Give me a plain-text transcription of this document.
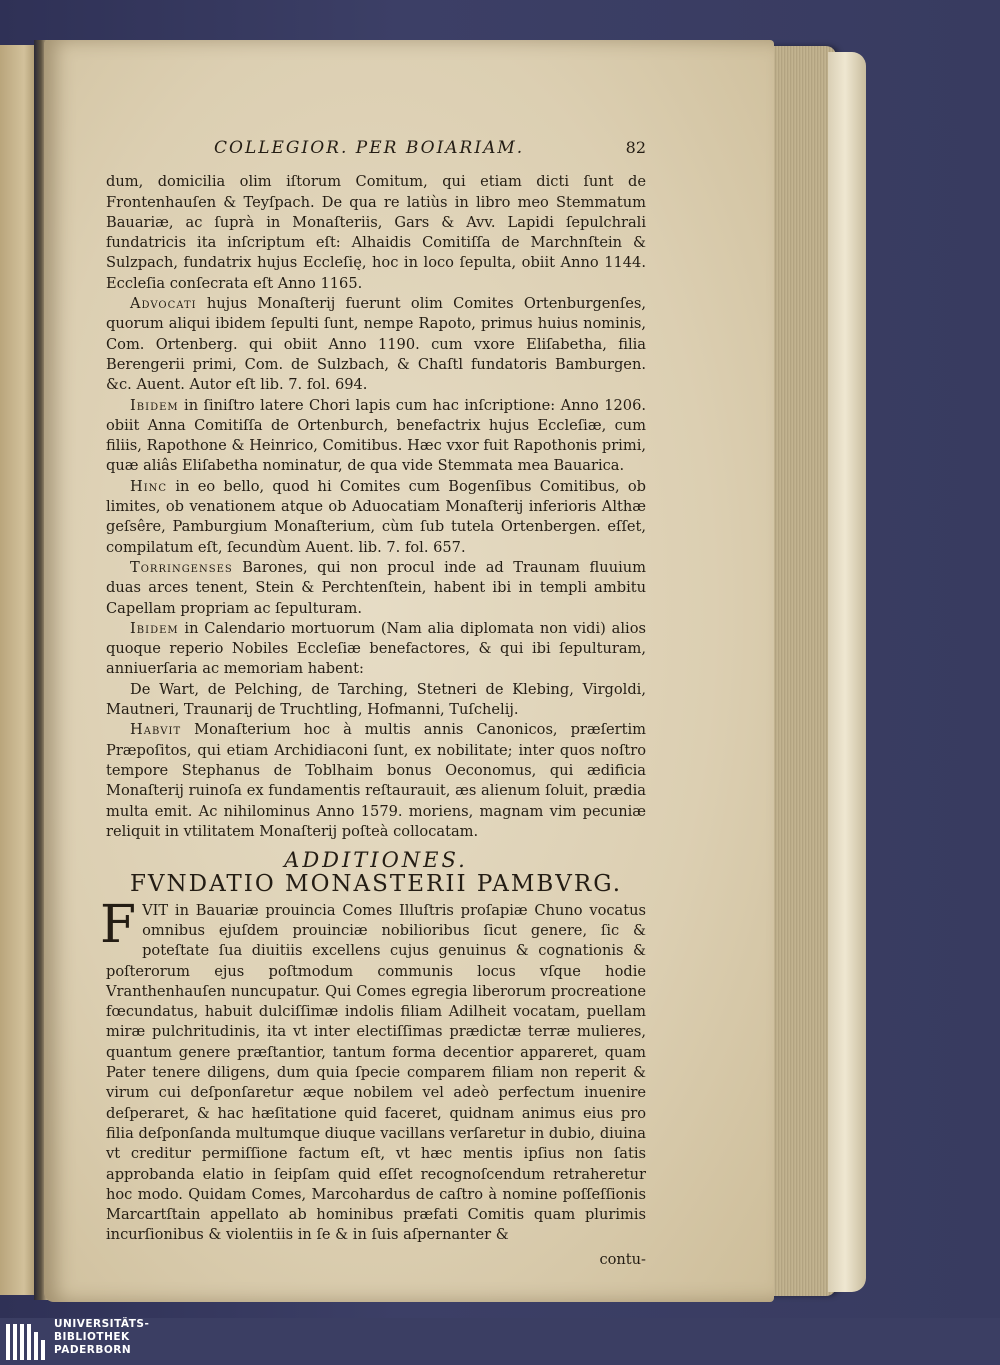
COLLEGIOR. PER BOIARIAM.	82

dum, domicilia olim iſtorum Comitum, qui etiam dicti ſunt de Frontenhauſen & Teyſpach. De qua re latiùs in libro meo Stemmatum Bauariæ, ac ſuprà in Monaſteriis, Gars & Avv. Lapidi ſepulchrali fundatricis ita inſcriptum eſt: Alhaidis Comitiſſa de Marchnſtein & Sulzpach, fundatrix hujus Eccleſię, hoc in loco ſepulta, obiit Anno 1144. Eccleſia conſecrata eſt Anno 1165.

Advocati hujus Monaſterij fuerunt olim Comites Ortenburgenſes, quorum aliqui ibidem ſepulti ſunt, nempe Rapoto, primus huius nominis, Com. Ortenberg. qui obiit Anno 1190. cum vxore Eliſabetha, filia Berengerii primi, Com. de Sulzbach, & Chaſtl fundatoris Bamburgen. &c. Auent. Autor eſt lib. 7. fol. 694.

Ibidem in ſiniſtro latere Chori lapis cum hac inſcriptione: Anno 1206. obiit Anna Comitiſſa de Ortenburch, benefactrix hujus Eccleſiæ, cum filiis, Rapothone & Heinrico, Comitibus. Hæc vxor fuit Rapothonis primi, quæ aliâs Eliſabetha nominatur, de qua vide Stemmata mea Bauarica.

Hinc in eo bello, quod hi Comites cum Bogenſibus Comitibus, ob limites, ob venationem atque ob Aduocatiam Monaſterij inferioris Althæ geſsêre, Pamburgium Monaſterium, cùm ſub tutela Ortenbergen. eſſet, compilatum eſt, ſecundùm Auent. lib. 7. fol. 657.

Torringenses Barones, qui non procul inde ad Traunam fluuium duas arces tenent, Stein & Perchtenſtein, habent ibi in templi ambitu Capellam propriam ac ſepulturam.

Ibidem in Calendario mortuorum (Nam alia diplomata non vidi) alios quoque reperio Nobiles Eccleſiæ benefactores, & qui ibi ſepulturam, anniuerſaria ac memoriam habent:

De Wart, de Pelching, de Tarching, Stetneri de Klebing, Virgoldi, Mautneri, Traunarij de Truchtling, Hofmanni, Tuſchelij.

Habvit Monaſterium hoc à multis annis Canonicos, præſertim Præpoſitos, qui etiam Archidiaconi ſunt, ex nobilitate; inter quos noſtro tempore Stephanus de Toblhaim bonus Oeconomus, qui ædificia Monaſterij ruinoſa ex fundamentis reſtaurauit, æs alienum ſoluit, prædia multa emit. Ac nihilominus Anno 1579. moriens, magnam vim pecuniæ reliquit in vtilitatem Monaſterij poſteà collocatam.

ADDITIONES.
FVNDATIO MONASTERII PAMBVRG.
F VIT in Bauariæ prouincia Comes Illuſtris proſapiæ Chuno vocatus omnibus ejuſdem prouinciæ nobilioribus ſicut genere, ſic & poteſtate ſua diuitiis excellens cujus genuinus & cognationis & poſterorum ejus poſtmodum communis locus vſque hodie Vranthenhauſen nuncupatur. Qui Comes egregia liberorum procreatione fœcundatus, habuit dulciſſimæ indolis filiam Adilheit vocatam, puellam miræ pulchritudinis, ita vt inter electiſſimas prædictæ terræ mulieres, quantum genere præſtantior, tantum forma decentior appareret, quam Pater tenere diligens, dum quia ſpecie comparem filiam non reperit & virum cui deſponſaretur æque nobilem vel adeò perfectum inuenire deſperaret, & hac hæſitatione quid faceret, quidnam animus eius pro filia deſponſanda multumque diuque vacillans verſaretur in dubio, diuina vt creditur permiſſione factum eſt, vt hæc mentis ipſius non ſatis approbanda elatio in ſeipſam quid eſſet recognoſcendum retraheretur hoc modo. Quidam Comes, Marcohardus de caſtro à nomine poſſeſſionis Marcartſtain appellato ab hominibus præfati Comitis quam plurimis incurſionibus & violentiis in ſe & in ſuis aſpernanter &

contu-
UNIVERSITÄTS-
BIBLIOTHEK
PADERBORN
